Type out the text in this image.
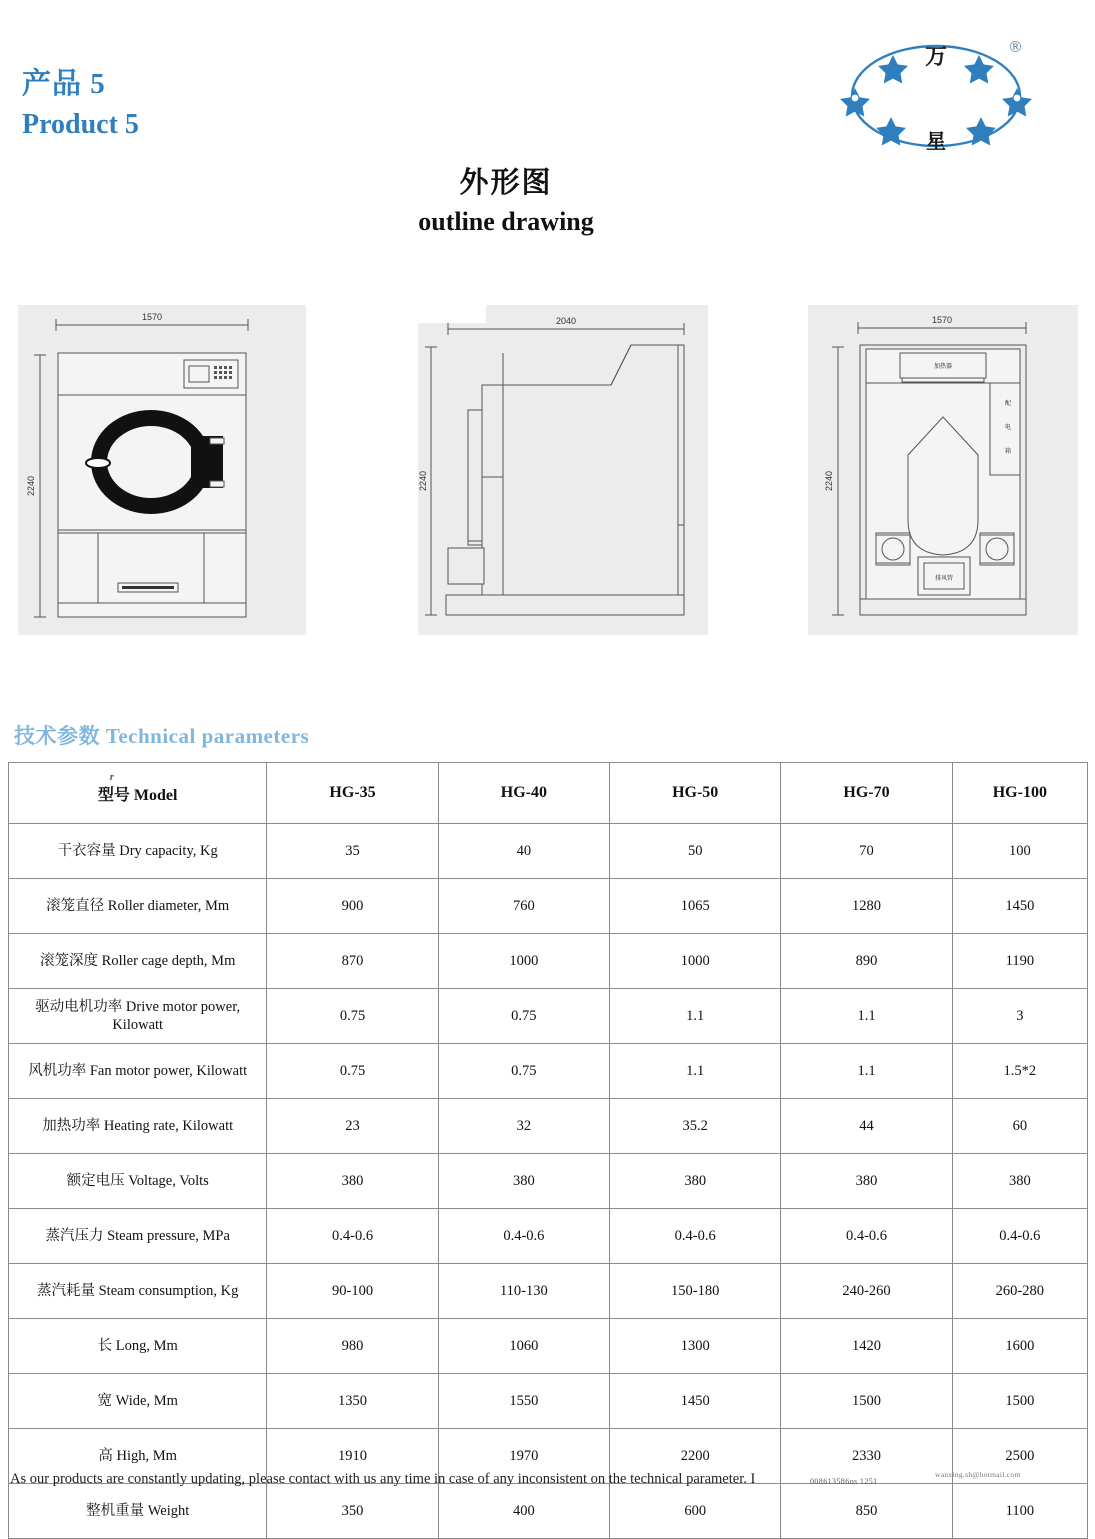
产品 5
Product 5
万
星
®
外形图
outline drawing
1570
2240
2040
2240
1570
2240
加热器
配
电
箱
排风管
技术参数 Technical parameters
r
型号 Model	HG-35	HG-40	HG-50	HG-70	HG-100
干衣容量 Dry capacity, Kg	35	40	50	70	100
滚笼直径 Roller diameter, Mm	900	760	1065	1280	1450
滚笼深度 Roller cage depth, Mm	870	1000	1000	890	1190
驱动电机功率 Drive motor power, Kilowatt	0.75	0.75	1.1	1.1	3
风机功率 Fan motor power, Kilowatt	0.75	0.75	1.1	1.1	1.5*2
加热功率 Heating rate, Kilowatt	23	32	35.2	44	60
额定电压 Voltage, Volts	380	380	380	380	380
蒸汽压力 Steam pressure, MPa	0.4-0.6	0.4-0.6	0.4-0.6	0.4-0.6	0.4-0.6
蒸汽耗量 Steam consumption, Kg	90-100	110-130	150-180	240-260	260-280
长 Long, Mm	980	1060	1300	1420	1600
宽 Wide, Mm	1350	1550	1450	1500	1500
高 High, Mm	1910	1970	2200	2330	2500
整机重量 Weight	350	400	600	850	1100
As our products are constantly updating, please contact with us any time in case of any inconsistent on the technical parameter. I	008613586os 1251
wanxing.sh@hotmail.com
